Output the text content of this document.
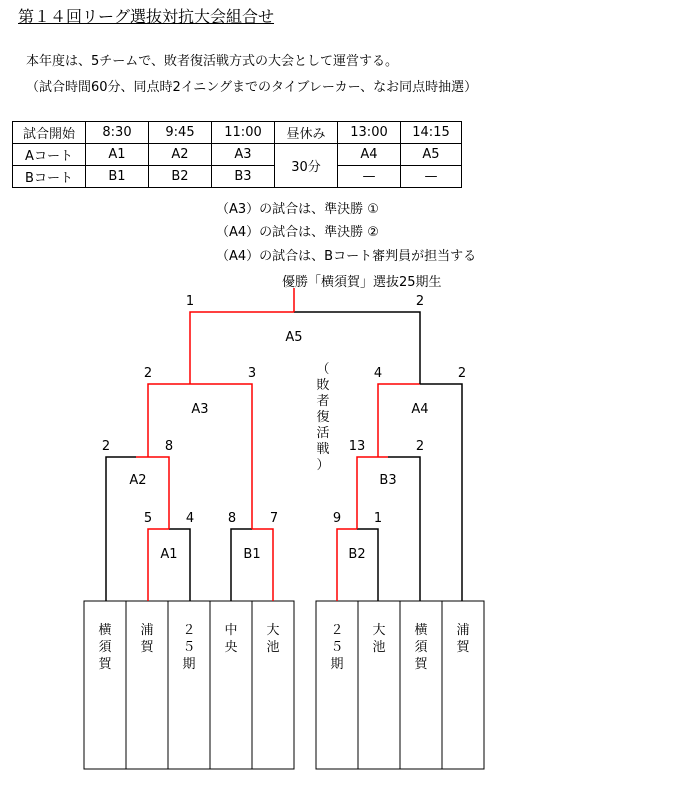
第１４回リーグ選抜対抗大会組合せ
本年度は、5チームで、敗者復活戦方式の大会として運営する。
（試合時間60分、同点時2イニングまでのタイブレーカー、なお同点時抽選）
試合開始	8:30	9:45	11:00	昼休み	13:00	14:15
Aコート	A1	A2	A3	30分	A4	A5
Bコート	B1	B2	B3		—	—
（A3）の試合は、準決勝 ①
（A4）の試合は、準決勝 ②
（A4）の試合は、Bコート審判員が担当する
優勝「横須賀」選抜25期生
A1	B1
A2
A3
B2
B3
A4
A5
5	4	8	7
2	8
2	3
9	1
13	2
4	2
1	2
（
敗
者
復
活
戦
）
横
須
賀
浦
賀
２
５
期
中
央
大
池
２
５
期
大
池
横
須
賀
浦
賀
